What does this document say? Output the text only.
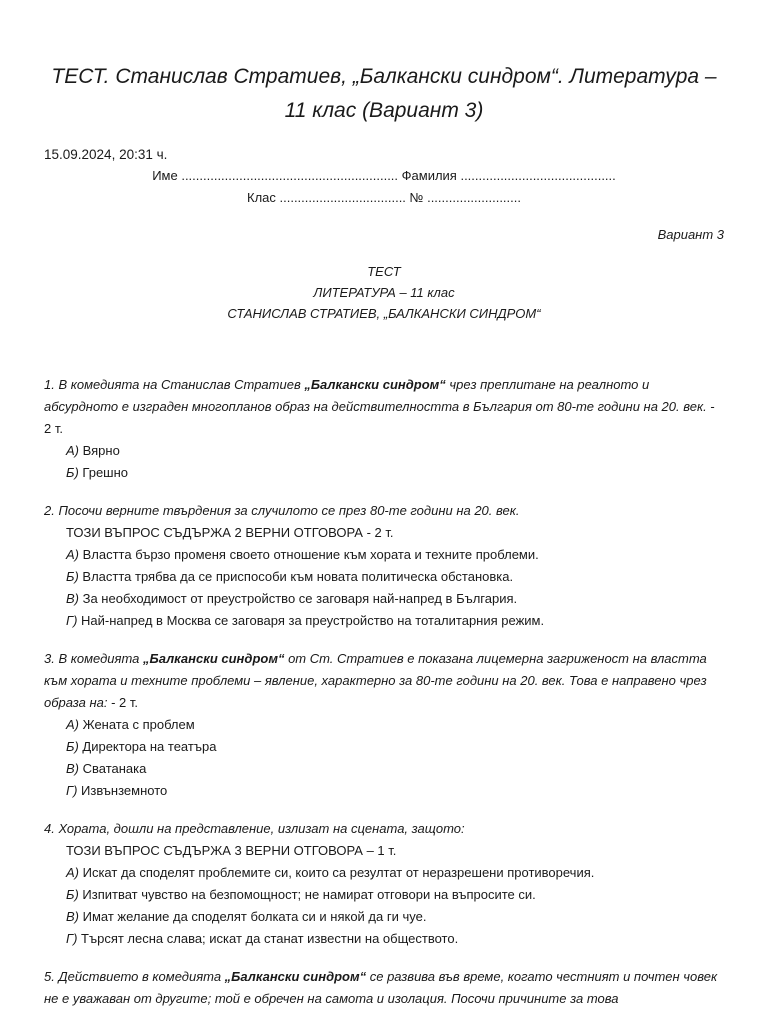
ТЕСТ. Станислав Стратиев, „Балкански синдром“. Литература – 11 клас (Вариант 3)
15.09.2024, 20:31 ч.
Име ............................................................ Фамилия ...........................................
Клас ................................... № ..........................
Вариант 3
ТЕСТ
ЛИТЕРАТУРА – 11 клас
СТАНИСЛАВ СТРАТИЕВ, „БАЛКАНСКИ СИНДРОМ“
1. В комедията на Станислав Стратиев „Балкански синдром“ чрез преплитане на реалното и абсурдното е изграден многопланов образ на действителността в България от 80-те години на 20. век. - 2 т.
А) Вярно
Б) Грешно
2. Посочи верните твърдения за случилото се през 80-те години на 20. век.
ТОЗИ ВЪПРОС СЪДЪРЖА 2 ВЕРНИ ОТГОВОРА - 2 т.
А) Властта бързо променя своето отношение към хората и техните проблеми.
Б) Властта трябва да се приспособи към новата политическа обстановка.
В) За необходимост от преустройство се заговаря най-напред в България.
Г) Най-напред в Москва се заговаря за преустройство на тоталитарния режим.
3. В комедията „Балкански синдром“ от Ст. Стратиев е показана лицемерна загриженост на властта към хората и техните проблеми – явление, характерно за 80-те години на 20. век. Това е направено чрез образа на: - 2 т.
А) Жената с проблем
Б) Директора на театъра
В) Сватанака
Г) Извънземното
4. Хората, дошли на представление, излизат на сцената, защото:
ТОЗИ ВЪПРОС СЪДЪРЖА 3 ВЕРНИ ОТГОВОРА – 1 т.
А) Искат да споделят проблемите си, които са резултат от неразрешени противоречия.
Б) Изпитват чувство на безпомощност; не намират отговори на въпросите си.
В) Имат желание да споделят болката си и някой да ги чуе.
Г) Търсят лесна слава; искат да станат известни на обществото.
5. Действието в комедията „Балкански синдром“ се развива във време, когато честният и почтен човек не е уважаван от другите; той е обречен на самота и изолация. Посочи причините за това
